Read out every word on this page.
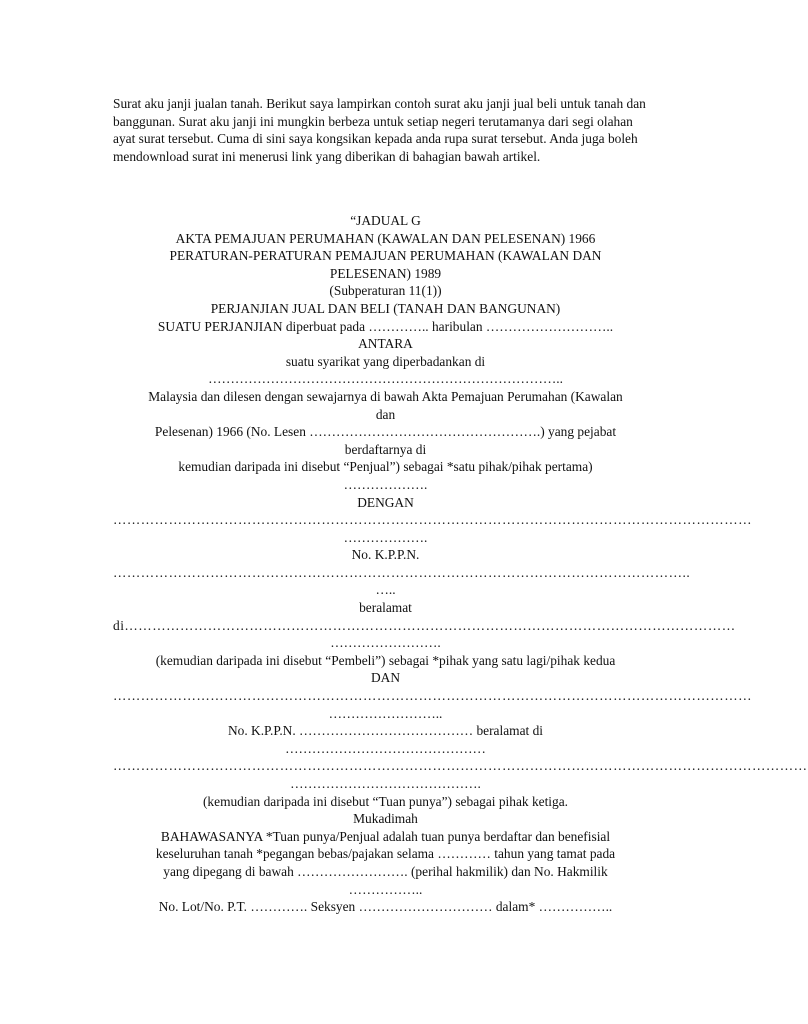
Surat aku janji jualan tanah. Berikut saya lampirkan contoh surat aku janji jual beli untuk tanah dan banggunan. Surat aku janji ini mungkin berbeza untuk setiap negeri terutamanya dari segi olahan ayat surat tersebut. Cuma di sini saya kongsikan kepada anda rupa surat tersebut. Anda juga boleh mendownload surat ini menerusi link yang diberikan di bahagian bawah artikel.

“JADUAL G
AKTA PEMAJUAN PERUMAHAN (KAWALAN DAN PELESENAN) 1966
PERATURAN-PERATURAN PEMAJUAN PERUMAHAN (KAWALAN DAN
PELESENAN) 1989
(Subperaturan 11(1))
PERJANJIAN JUAL DAN BELI (TANAH DAN BANGUNAN)
SUATU PERJANJIAN diperbuat pada ………….. haribulan ………………………..
ANTARA
suatu syarikat yang diperbadankan di
……………………………………………………………………..
Malaysia dan dilesen dengan sewajarnya di bawah Akta Pemajuan Perumahan (Kawalan
dan
Pelesenan) 1966 (No. Lesen …………………………………………….) yang pejabat
berdaftarnya di
kemudian daripada ini disebut “Penjual”) sebagai *satu pihak/pihak pertama)
……………….
DENGAN
…………………………………………………………………………………………………………………………
……………….
No. K.P.P.N.
……………………………………………………………………………………………………………..
…..
beralamat
di……………………………………………………………………………………………………………………
…………………….
(kemudian daripada ini disebut “Pembeli”) sebagai *pihak yang satu lagi/pihak kedua
DAN
…………………………………………………………………………………………………………………………
……………………..
No. K.P.P.N. ………………………………… beralamat di
………………………………………
……………………………………………………………………………………………………………………………………
…………………………………….
(kemudian daripada ini disebut “Tuan punya”) sebagai pihak ketiga.
Mukadimah
BAHAWASANYA *Tuan punya/Penjual adalah tuan punya berdaftar dan benefisial
keseluruhan tanah *pegangan bebas/pajakan selama ………… tahun yang tamat pada
yang dipegang di bawah ……………………. (perihal hakmilik) dan No. Hakmilik
……………..
No. Lot/No. P.T. …………. Seksyen ………………………… dalam* ……………..
